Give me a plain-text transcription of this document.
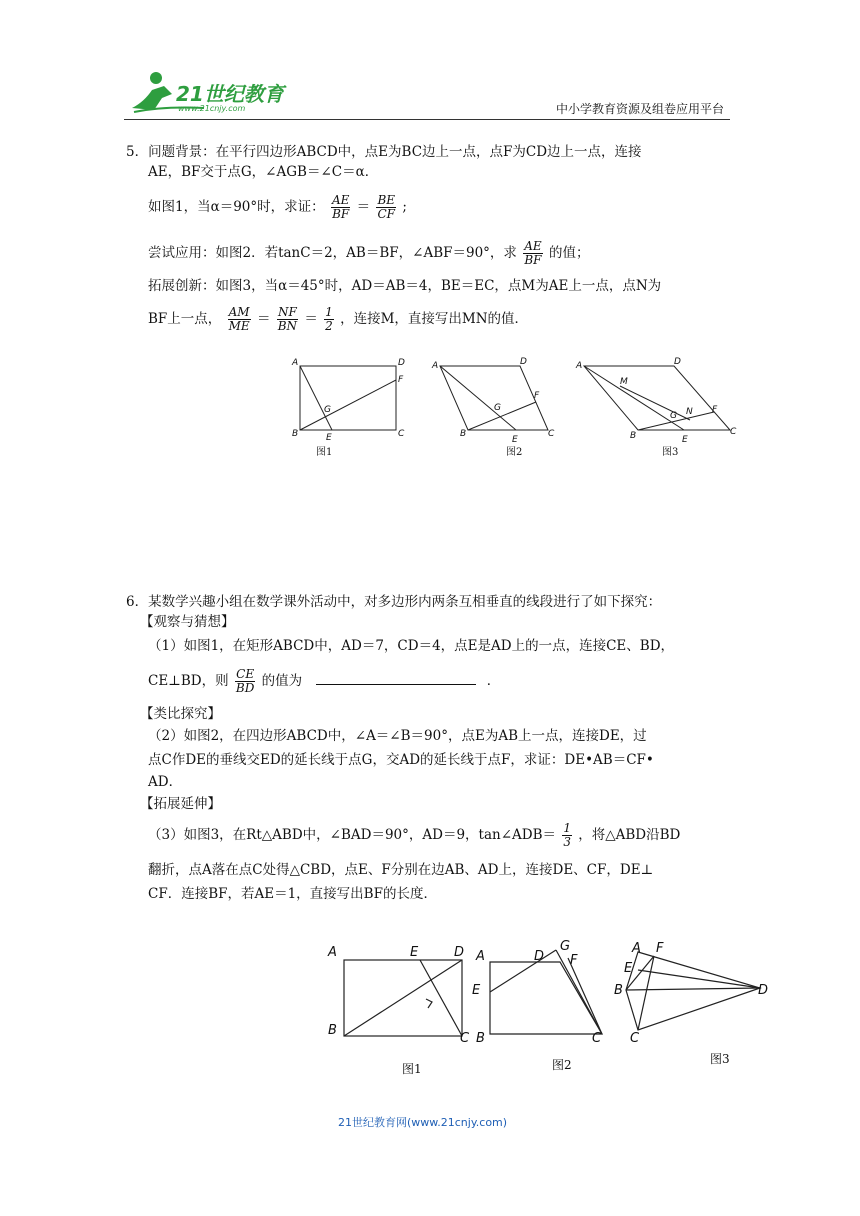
21世纪教育
www.21cnjy.com	中小学教育资源及组卷应用平台
5．问题背景：在平行四边形ABCD中，点E为BC边上一点，点F为CD边上一点，连接
AE，BF交于点G，∠AGB＝∠C＝α．
如图1，当α＝90°时，求证： $\frac{AE}{BF} = \frac{BE}{CF}$ ;
尝试应用：如图2．若tanC＝2，AB＝BF，∠ABF＝90°，求 $\frac{AE}{BF}$ 的值；
拓展创新：如图3，当α＝45°时，AD＝AB＝4，BE＝EC，点M为AE上一点，点N为
BF上一点， $\frac{AM}{ME} = \frac{NF}{BN} = \frac{1}{2}$ ，连接M，直接写出MN的值．
A	D
F
B	C
E
G
A	D
F
B	C
E
G
A	D
F
B	C
E
M
N
G
图1	图2	图3
6．某数学兴趣小组在数学课外活动中，对多边形内两条互相垂直的线段进行了如下探究：
【观察与猜想】
（1）如图1，在矩形ABCD中，AD＝7，CD＝4，点E是AD上的一点，连接CE、BD，
CE⊥BD，则 $\frac{CE}{BD}$ 的值为	．
【类比探究】
（2）如图2，在四边形ABCD中，∠A＝∠B＝90°，点E为AB上一点，连接DE，过
点C作DE的垂线交ED的延长线于点G，交AD的延长线于点F，求证：DE•AB＝CF•
AD．
【拓展延伸】
（3）如图3，在Rt△ABD中，∠BAD＝90°，AD＝9，tan∠ADB＝ $\frac{1}{3}$ ，将△ABD沿BD
翻折，点A落在点C处得△CBD，点E、F分别在边AB、AD上，连接DE、CF，DE⊥
CF．连接BF，若AE＝1，直接写出BF的长度．
A	E	D
B
C
A	D
G
F
E
B	C
A F
E
B	D
C
图1	图2	图3
21世纪教育网(www.21cnjy.com)
